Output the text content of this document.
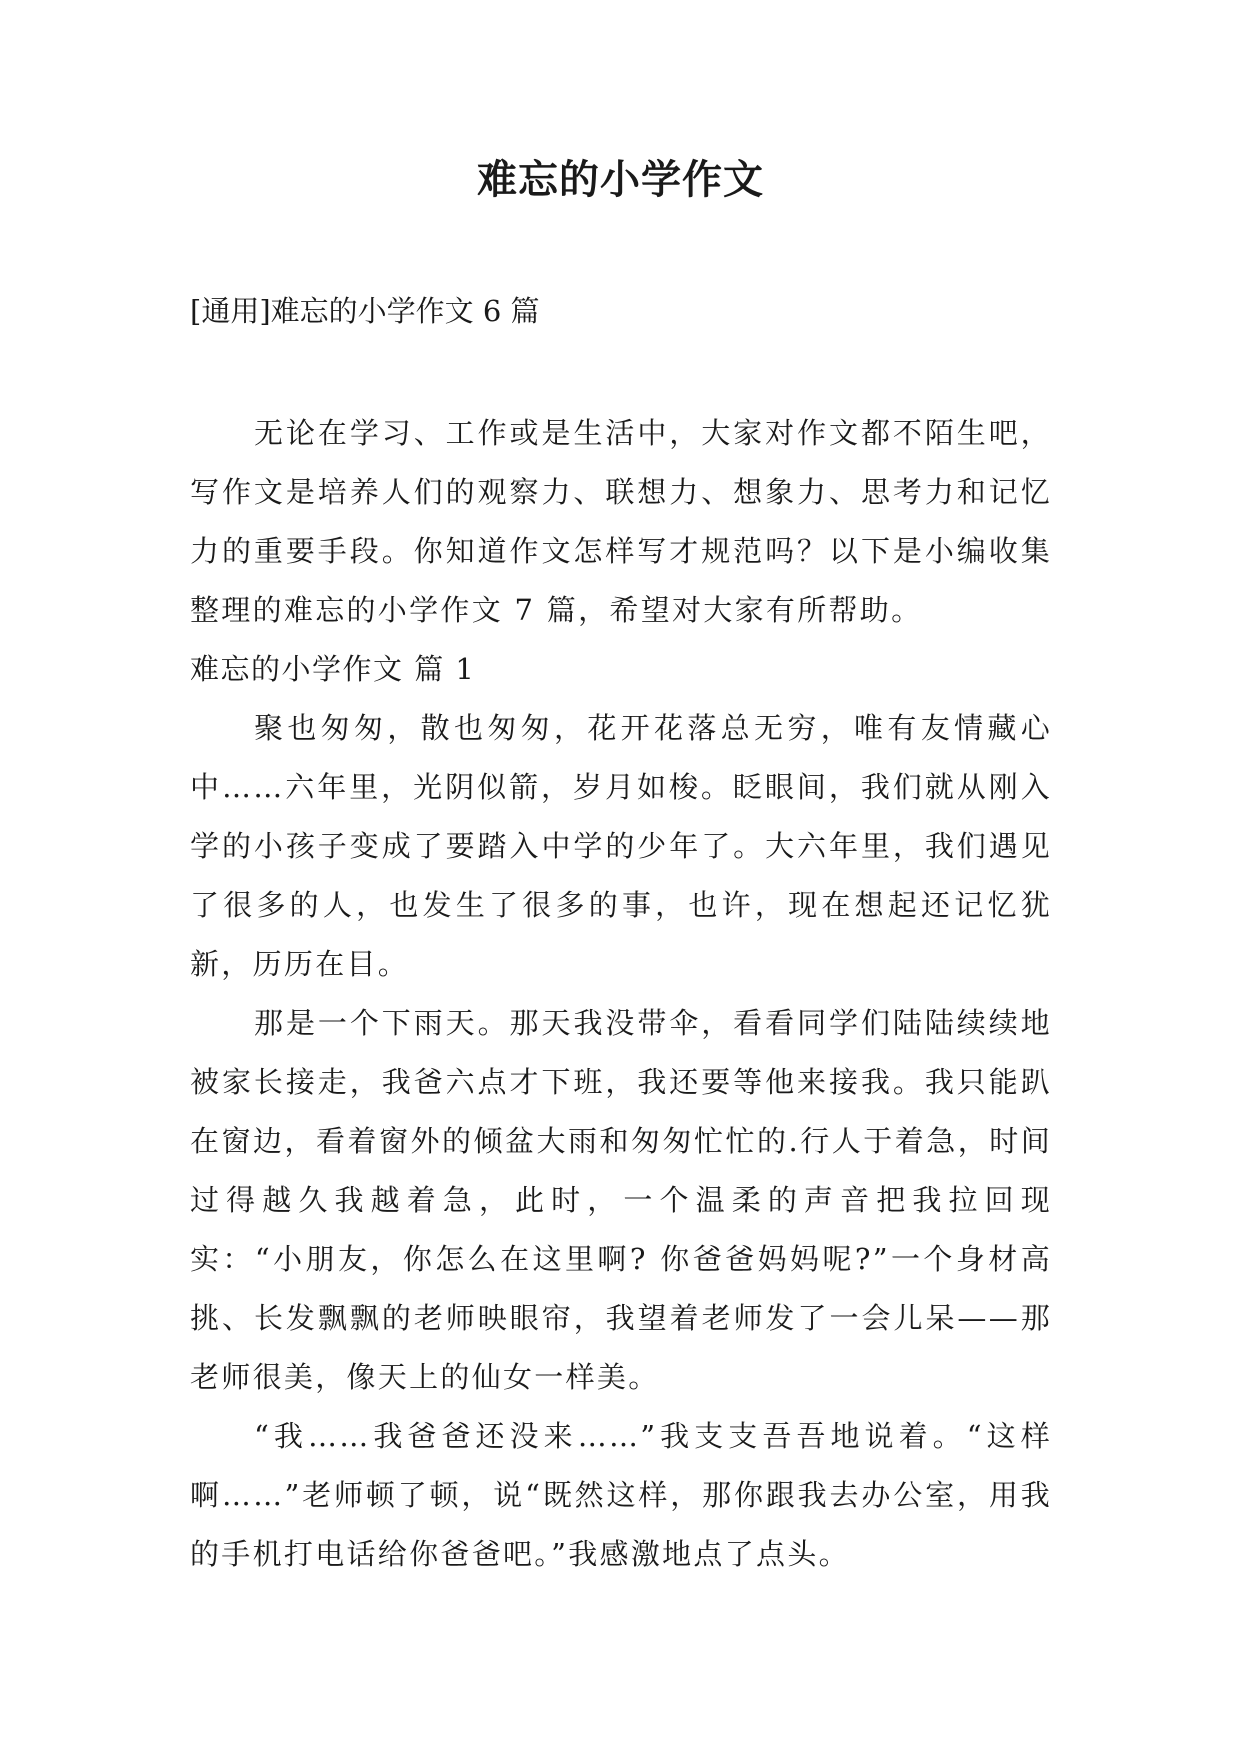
难忘的小学作文
[通用]难忘的小学作文 6 篇

无论在学习、工作或是生活中，大家对作文都不陌生吧，写作文是培养人们的观察力、联想力、想象力、思考力和记忆力的重要手段。你知道作文怎样写才规范吗？以下是小编收集整理的难忘的小学作文 7 篇，希望对大家有所帮助。

难忘的小学作文 篇 1

聚也匆匆，散也匆匆，花开花落总无穷，唯有友情藏心中……六年里，光阴似箭，岁月如梭。眨眼间，我们就从刚入学的小孩子变成了要踏入中学的少年了。大六年里，我们遇见了很多的人，也发生了很多的事，也许，现在想起还记忆犹新，历历在目。

那是一个下雨天。那天我没带伞，看看同学们陆陆续续地被家长接走，我爸六点才下班，我还要等他来接我。我只能趴在窗边，看着窗外的倾盆大雨和匆匆忙忙的.行人于着急，时间过得越久我越着急，此时，一个温柔的声音把我拉回现实：“小朋友，你怎么在这里啊? 你爸爸妈妈呢?”一个身材高挑、长发飘飘的老师映眼帘，我望着老师发了一会儿呆——那老师很美，像天上的仙女一样美。

“我……我爸爸还没来……”我支支吾吾地说着。“这样啊……”老师顿了顿，说“既然这样，那你跟我去办公室，用我的手机打电话给你爸爸吧。”我感激地点了点头。
